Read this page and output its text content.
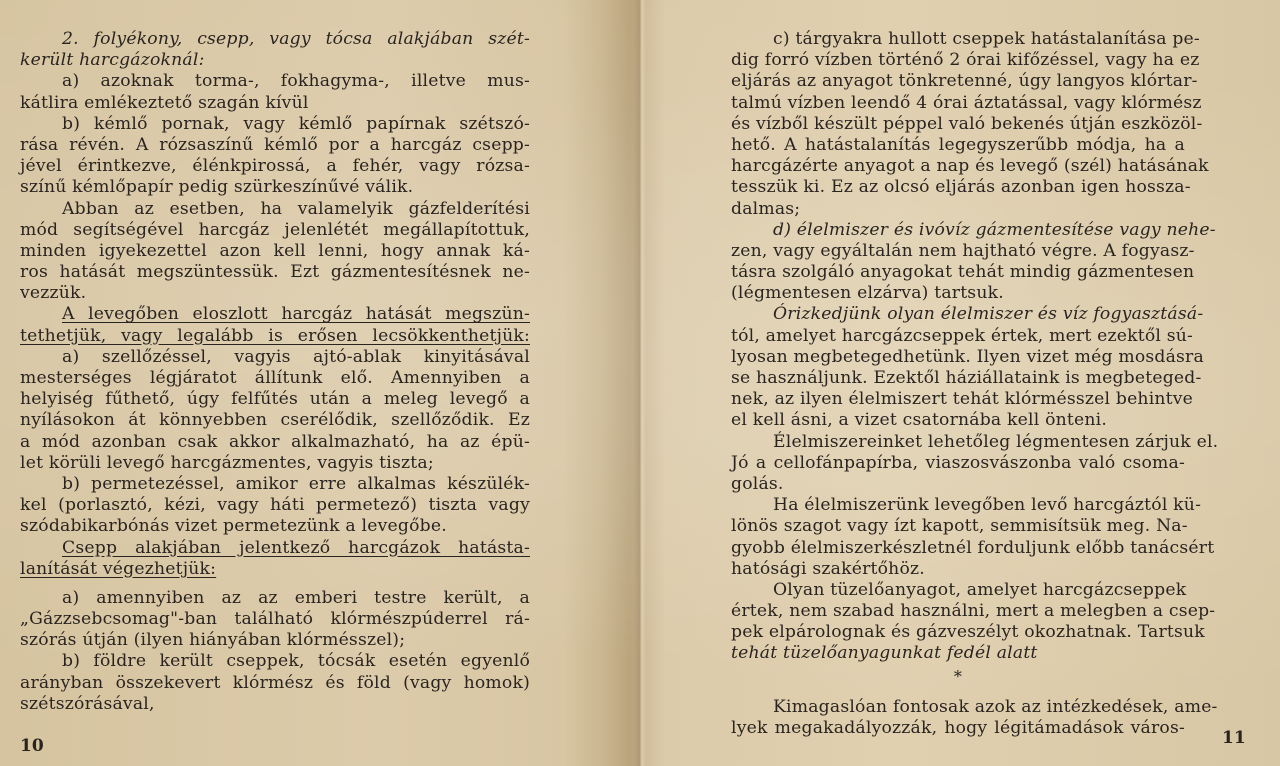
2. folyékony, csepp, vagy tócsa alakjában szét-
került harcgázoknál:
a) azoknak torma-, fokhagyma-, illetve mus-
kátlira emlékeztető szagán kívül
b) kémlő pornak, vagy kémlő papírnak szétszó-
rása révén. A rózsaszínű kémlő por a harcgáz csepp-
jével érintkezve, élénkpirossá, a fehér, vagy rózsa-
színű kémlőpapír pedig szürkeszínűvé válik.
Abban az esetben, ha valamelyik gázfelderítési
mód segítségével harcgáz jelenlétét megállapítottuk,
minden igyekezettel azon kell lenni, hogy annak ká-
ros hatását megszüntessük. Ezt gázmentesítésnek ne-
vezzük.
A levegőben eloszlott harcgáz hatását megszün-
tethetjük, vagy legalább is erősen lecsökkenthetjük:
a) szellőzéssel, vagyis ajtó-ablak kinyitásával
mesterséges légjáratot állítunk elő. Amennyiben a
helyiség fűthető, úgy felfűtés után a meleg levegő a
nyílásokon át könnyebben cserélődik, szellőződik. Ez
a mód azonban csak akkor alkalmazható, ha az épü-
let körüli levegő harcgázmentes, vagyis tiszta;
b) permetezéssel, amikor erre alkalmas készülék-
kel (porlasztó, kézi, vagy háti permetező) tiszta vagy
szódabikarbónás vizet permetezünk a levegőbe.
Csepp alakjában jelentkező harcgázok hatásta-
lanítását végezhetjük:
a) amennyiben az az emberi testre került, a
„Gázzsebcsomag"-ban található klórmészpúderrel rá-
szórás útján (ilyen hiányában klórmésszel);
b) földre került cseppek, tócsák esetén egyenlő
arányban összekevert klórmész és föld (vagy homok)
szétszórásával,
10
c) tárgyakra hullott cseppek hatástalanítása pe-
dig forró vízben történő 2 órai kifőzéssel, vagy ha ez
eljárás az anyagot tönkretenné, úgy langyos klórtar-
talmú vízben leendő 4 órai áztatással, vagy klórmész
és vízből készült péppel való bekenés útján eszközöl-
hető. A hatástalanítás legegyszerűbb módja, ha a
harcgázérte anyagot a nap és levegő (szél) hatásának
tesszük ki. Ez az olcsó eljárás azonban igen hossza-
dalmas;
d) élelmiszer és ivóvíz gázmentesítése vagy nehe-
zen, vagy egyáltalán nem hajtható végre. A fogyasz-
tásra szolgáló anyagokat tehát mindig gázmentesen
(légmentesen elzárva) tartsuk.
Órizkedjünk olyan élelmiszer és víz fogyasztásá-
tól, amelyet harcgázcseppek értek, mert ezektől sú-
lyosan megbetegedhetünk. Ilyen vizet még mosdásra
se használjunk. Ezektől háziállataink is megbeteged-
nek, az ilyen élelmiszert tehát klórmésszel behintve
el kell ásni, a vizet csatornába kell önteni.
Élelmiszereinket lehetőleg légmentesen zárjuk el.
Jó a cellofánpapírba, viaszosvászonba való csoma-
golás.
Ha élelmiszerünk levegőben levő harcgáztól kü-
lönös szagot vagy ízt kapott, semmisítsük meg. Na-
gyobb élelmiszerkészletnél forduljunk előbb tanácsért
hatósági szakértőhöz.
Olyan tüzelőanyagot, amelyet harcgázcseppek
értek, nem szabad használni, mert a melegben a csep-
pek elpárolognak és gázveszélyt okozhatnak. Tartsuk
tehát tüzelőanyagunkat fedél alatt
*
Kimagaslóan fontosak azok az intézkedések, ame-
lyek megakadályozzák, hogy légitámadások város-
11
